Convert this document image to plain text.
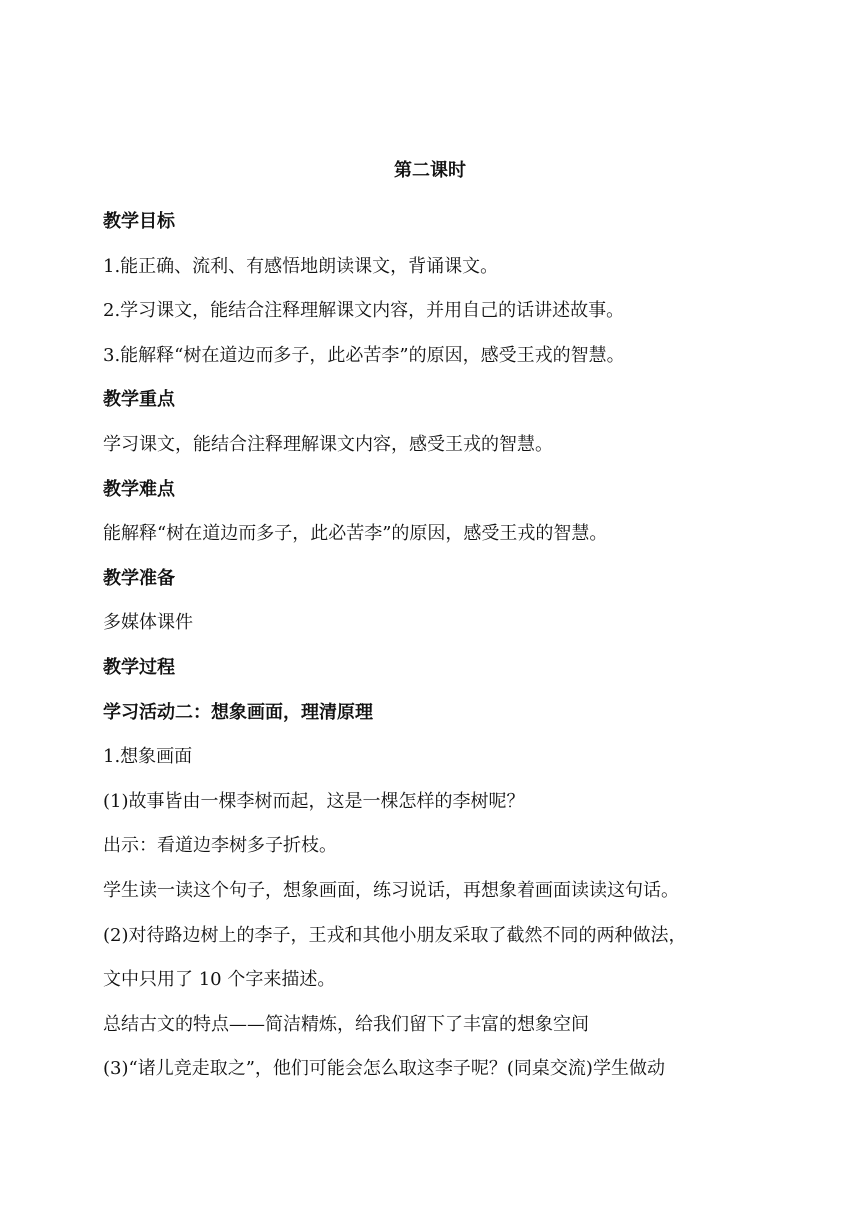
第二课时
教学目标
1.能正确、流利、有感悟地朗读课文，背诵课文。
2.学习课文，能结合注释理解课文内容，并用自己的话讲述故事。
3.能解释“树在道边而多子，此必苦李”的原因，感受王戎的智慧。
教学重点
学习课文，能结合注释理解课文内容，感受王戎的智慧。
教学难点
能解释“树在道边而多子，此必苦李”的原因，感受王戎的智慧。
教学准备
多媒体课件
教学过程
学习活动二：想象画面，理清原理
1.想象画面
(1)故事皆由一棵李树而起，这是一棵怎样的李树呢？
出示：看道边李树多子折枝。
学生读一读这个句子，想象画面，练习说话，再想象着画面读读这句话。
(2)对待路边树上的李子，王戎和其他小朋友采取了截然不同的两种做法，
文中只用了 10 个字来描述。
总结古文的特点——简洁精炼，给我们留下了丰富的想象空间
(3)“诸儿竞走取之”，他们可能会怎么取这李子呢？(同桌交流)学生做动
